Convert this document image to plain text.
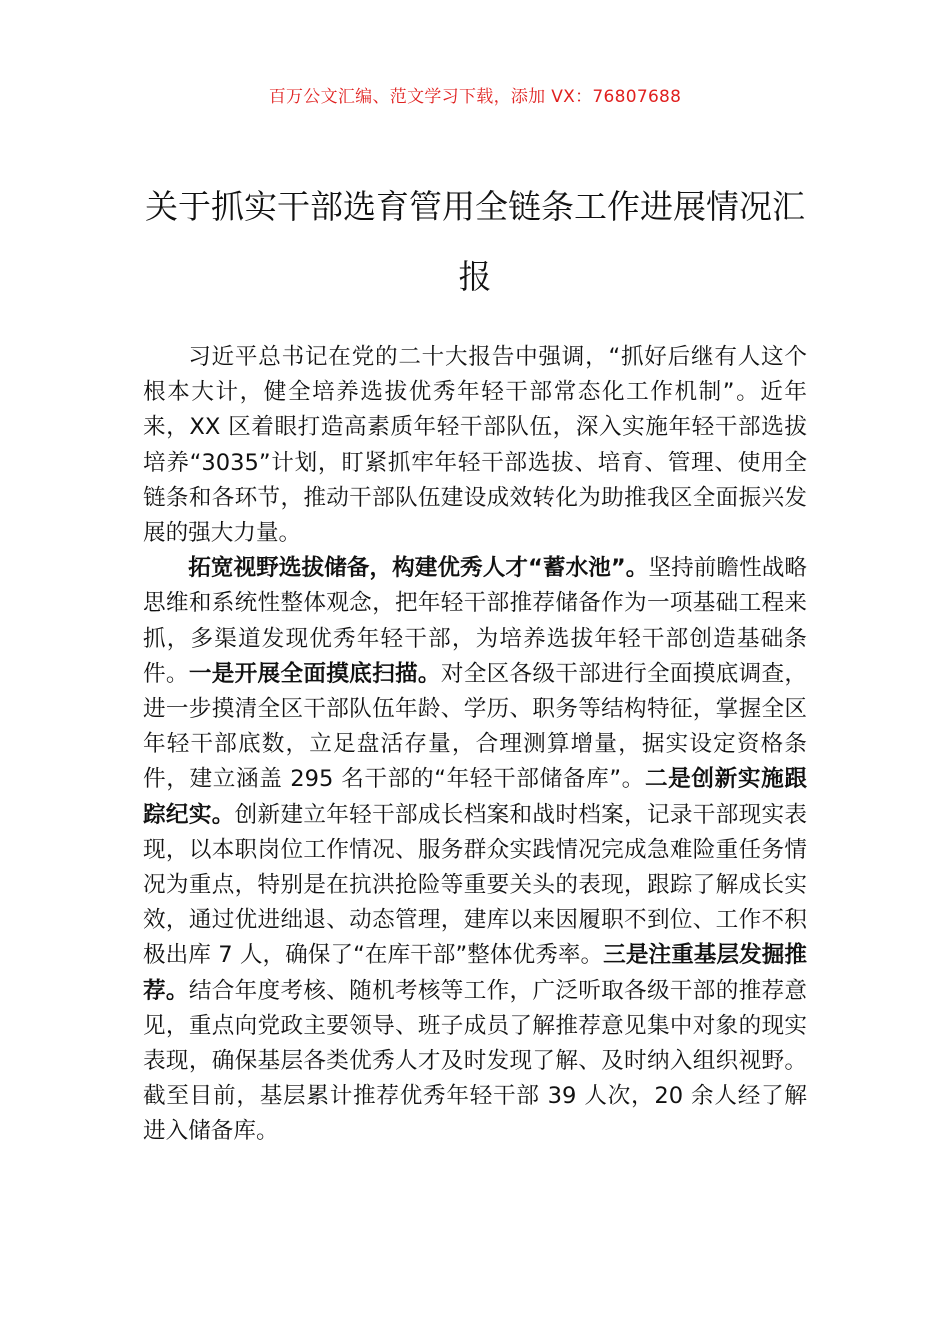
百万公文汇编、范文学习下载，添加 VX：76807688
关于抓实干部选育管用全链条工作进展情况汇报

习近平总书记在党的二十大报告中强调，“抓好后继有人这个根本大计，健全培养选拔优秀年轻干部常态化工作机制”。近年来，XX 区着眼打造高素质年轻干部队伍，深入实施年轻干部选拔培养“3035”计划，盯紧抓牢年轻干部选拔、培育、管理、使用全链条和各环节，推动干部队伍建设成效转化为助推我区全面振兴发展的强大力量。

拓宽视野选拔储备，构建优秀人才“蓄水池”。坚持前瞻性战略思维和系统性整体观念，把年轻干部推荐储备作为一项基础工程来抓，多渠道发现优秀年轻干部，为培养选拔年轻干部创造基础条件。一是开展全面摸底扫描。对全区各级干部进行全面摸底调查，进一步摸清全区干部队伍年龄、学历、职务等结构特征，掌握全区年轻干部底数，立足盘活存量，合理测算增量，据实设定资格条件，建立涵盖 295 名干部的“年轻干部储备库”。二是创新实施跟踪纪实。创新建立年轻干部成长档案和战时档案，记录干部现实表现，以本职岗位工作情况、服务群众实践情况完成急难险重任务情况为重点，特别是在抗洪抢险等重要关头的表现，跟踪了解成长实效，通过优进绌退、动态管理，建库以来因履职不到位、工作不积极出库 7 人，确保了“在库干部”整体优秀率。三是注重基层发掘推荐。结合年度考核、随机考核等工作，广泛听取各级干部的推荐意见，重点向党政主要领导、班子成员了解推荐意见集中对象的现实表现，确保基层各类优秀人才及时发现了解、及时纳入组织视野。截至目前，基层累计推荐优秀年轻干部 39 人次，20 余人经了解进入储备库。
